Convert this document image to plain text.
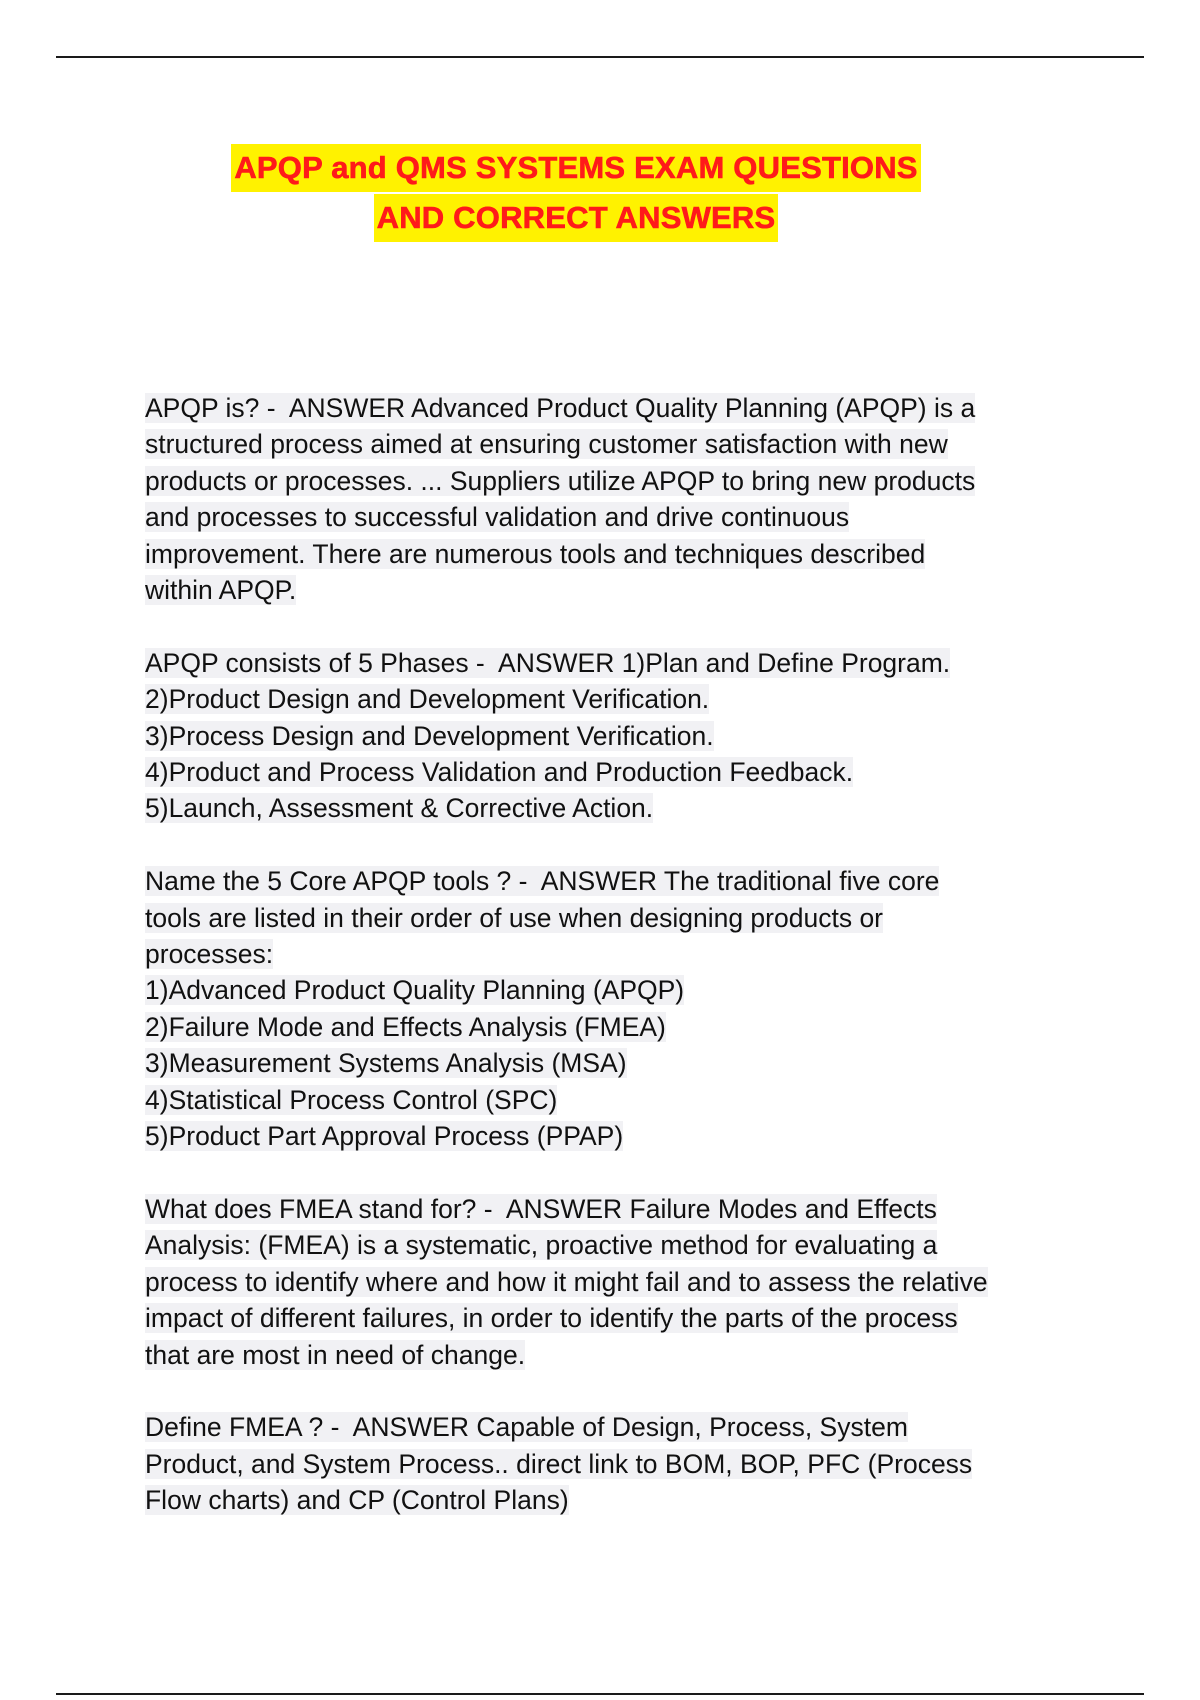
APQP and QMS SYSTEMS EXAM QUESTIONS
AND CORRECT ANSWERS
APQP is? -  ANSWER Advanced Product Quality Planning (APQP) is a
structured process aimed at ensuring customer satisfaction with new
products or processes. ... Suppliers utilize APQP to bring new products
and processes to successful validation and drive continuous
improvement. There are numerous tools and techniques described
within APQP.
APQP consists of 5 Phases -  ANSWER 1)Plan and Define Program.
2)Product Design and Development Verification.
3)Process Design and Development Verification.
4)Product and Process Validation and Production Feedback.
5)Launch, Assessment & Corrective Action.
Name the 5 Core APQP tools ? -  ANSWER The traditional five core
tools are listed in their order of use when designing products or
processes:
1)Advanced Product Quality Planning (APQP)
2)Failure Mode and Effects Analysis (FMEA)
3)Measurement Systems Analysis (MSA)
4)Statistical Process Control (SPC)
5)Product Part Approval Process (PPAP)
What does FMEA stand for? -  ANSWER Failure Modes and Effects
Analysis: (FMEA) is a systematic, proactive method for evaluating a
process to identify where and how it might fail and to assess the relative
impact of different failures, in order to identify the parts of the process
that are most in need of change.
Define FMEA ? -  ANSWER Capable of Design, Process, System
Product, and System Process.. direct link to BOM, BOP, PFC (Process
Flow charts) and CP (Control Plans)
